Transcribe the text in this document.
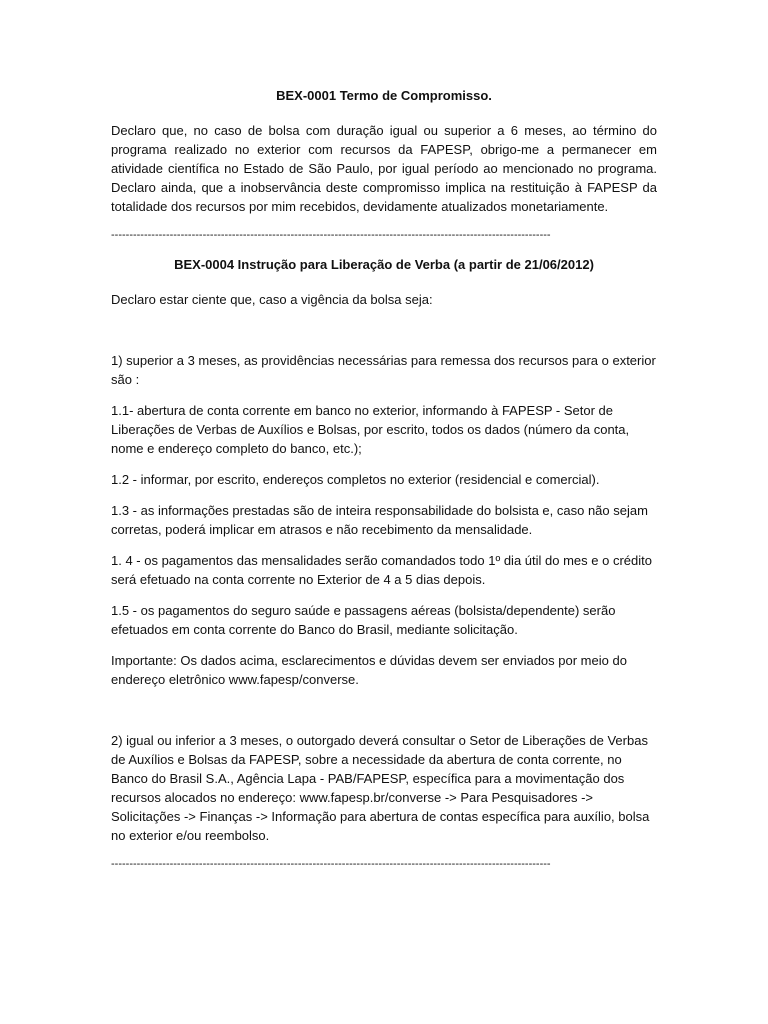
BEX-0001 Termo de Compromisso.
Declaro que, no caso de bolsa com duração igual ou superior a 6 meses, ao término do programa realizado no exterior com recursos da FAPESP, obrigo-me a permanecer em atividade científica no Estado de São Paulo, por igual período ao mencionado no programa. Declaro ainda, que a inobservância deste compromisso implica na restituição à FAPESP da totalidade dos recursos por mim recebidos, devidamente atualizados monetariamente.
------------------------------------------------------------------------------------------------------------------------
BEX-0004 Instrução para Liberação de Verba (a partir de 21/06/2012)
Declaro estar ciente que, caso a vigência da bolsa seja:
1) superior a 3 meses, as providências necessárias para remessa dos recursos para o exterior são :
1.1- abertura de conta corrente em banco no exterior, informando à FAPESP - Setor de Liberações de Verbas de Auxílios e Bolsas, por escrito, todos os dados (número da conta, nome e endereço completo do banco, etc.);
1.2 - informar, por escrito, endereços completos no exterior (residencial e comercial).
1.3 - as informações prestadas são de inteira responsabilidade do bolsista e, caso não sejam corretas, poderá implicar em atrasos e não recebimento da mensalidade.
1. 4 - os pagamentos das mensalidades serão comandados todo 1º dia útil do mes e o crédito será efetuado na conta corrente no Exterior de 4 a 5 dias depois.
1.5 - os pagamentos do seguro saúde e passagens aéreas (bolsista/dependente) serão efetuados em conta corrente do Banco do Brasil, mediante solicitação.
Importante: Os dados acima, esclarecimentos e dúvidas devem ser enviados por meio do endereço eletrônico www.fapesp/converse.
2) igual ou inferior a 3 meses, o outorgado deverá consultar o Setor de Liberações de Verbas de Auxílios e Bolsas da FAPESP, sobre a necessidade da abertura de conta corrente, no Banco do Brasil S.A., Agência Lapa - PAB/FAPESP, específica para a movimentação dos recursos alocados no endereço: www.fapesp.br/converse -> Para Pesquisadores -> Solicitações -> Finanças -> Informação para abertura de contas específica para auxílio, bolsa no exterior e/ou reembolso.
------------------------------------------------------------------------------------------------------------------------
